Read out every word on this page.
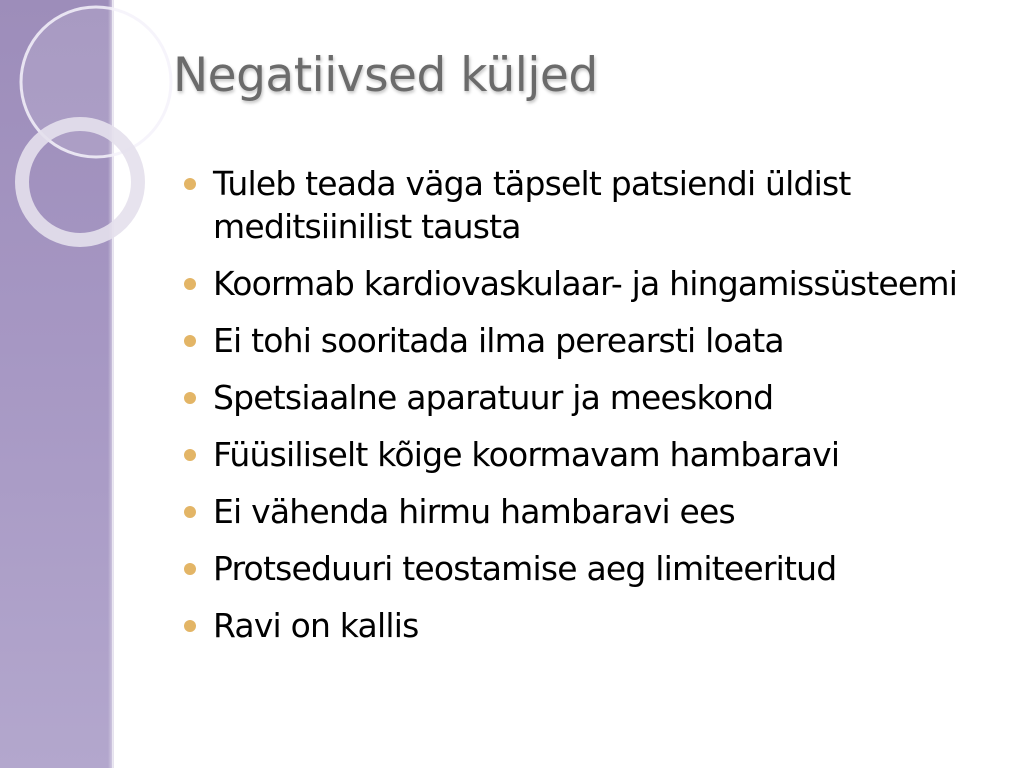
Negatiivsed küljed
Tuleb teada väga täpselt patsiendi üldist meditsiinilist tausta
Koormab kardiovaskulaar- ja hingamissüsteemi
Ei tohi sooritada ilma perearsti loata
Spetsiaalne aparatuur ja meeskond
Füüsiliselt kõige koormavam hambaravi
Ei vähenda hirmu hambaravi ees
Protseduuri teostamise aeg limiteeritud
Ravi on kallis
